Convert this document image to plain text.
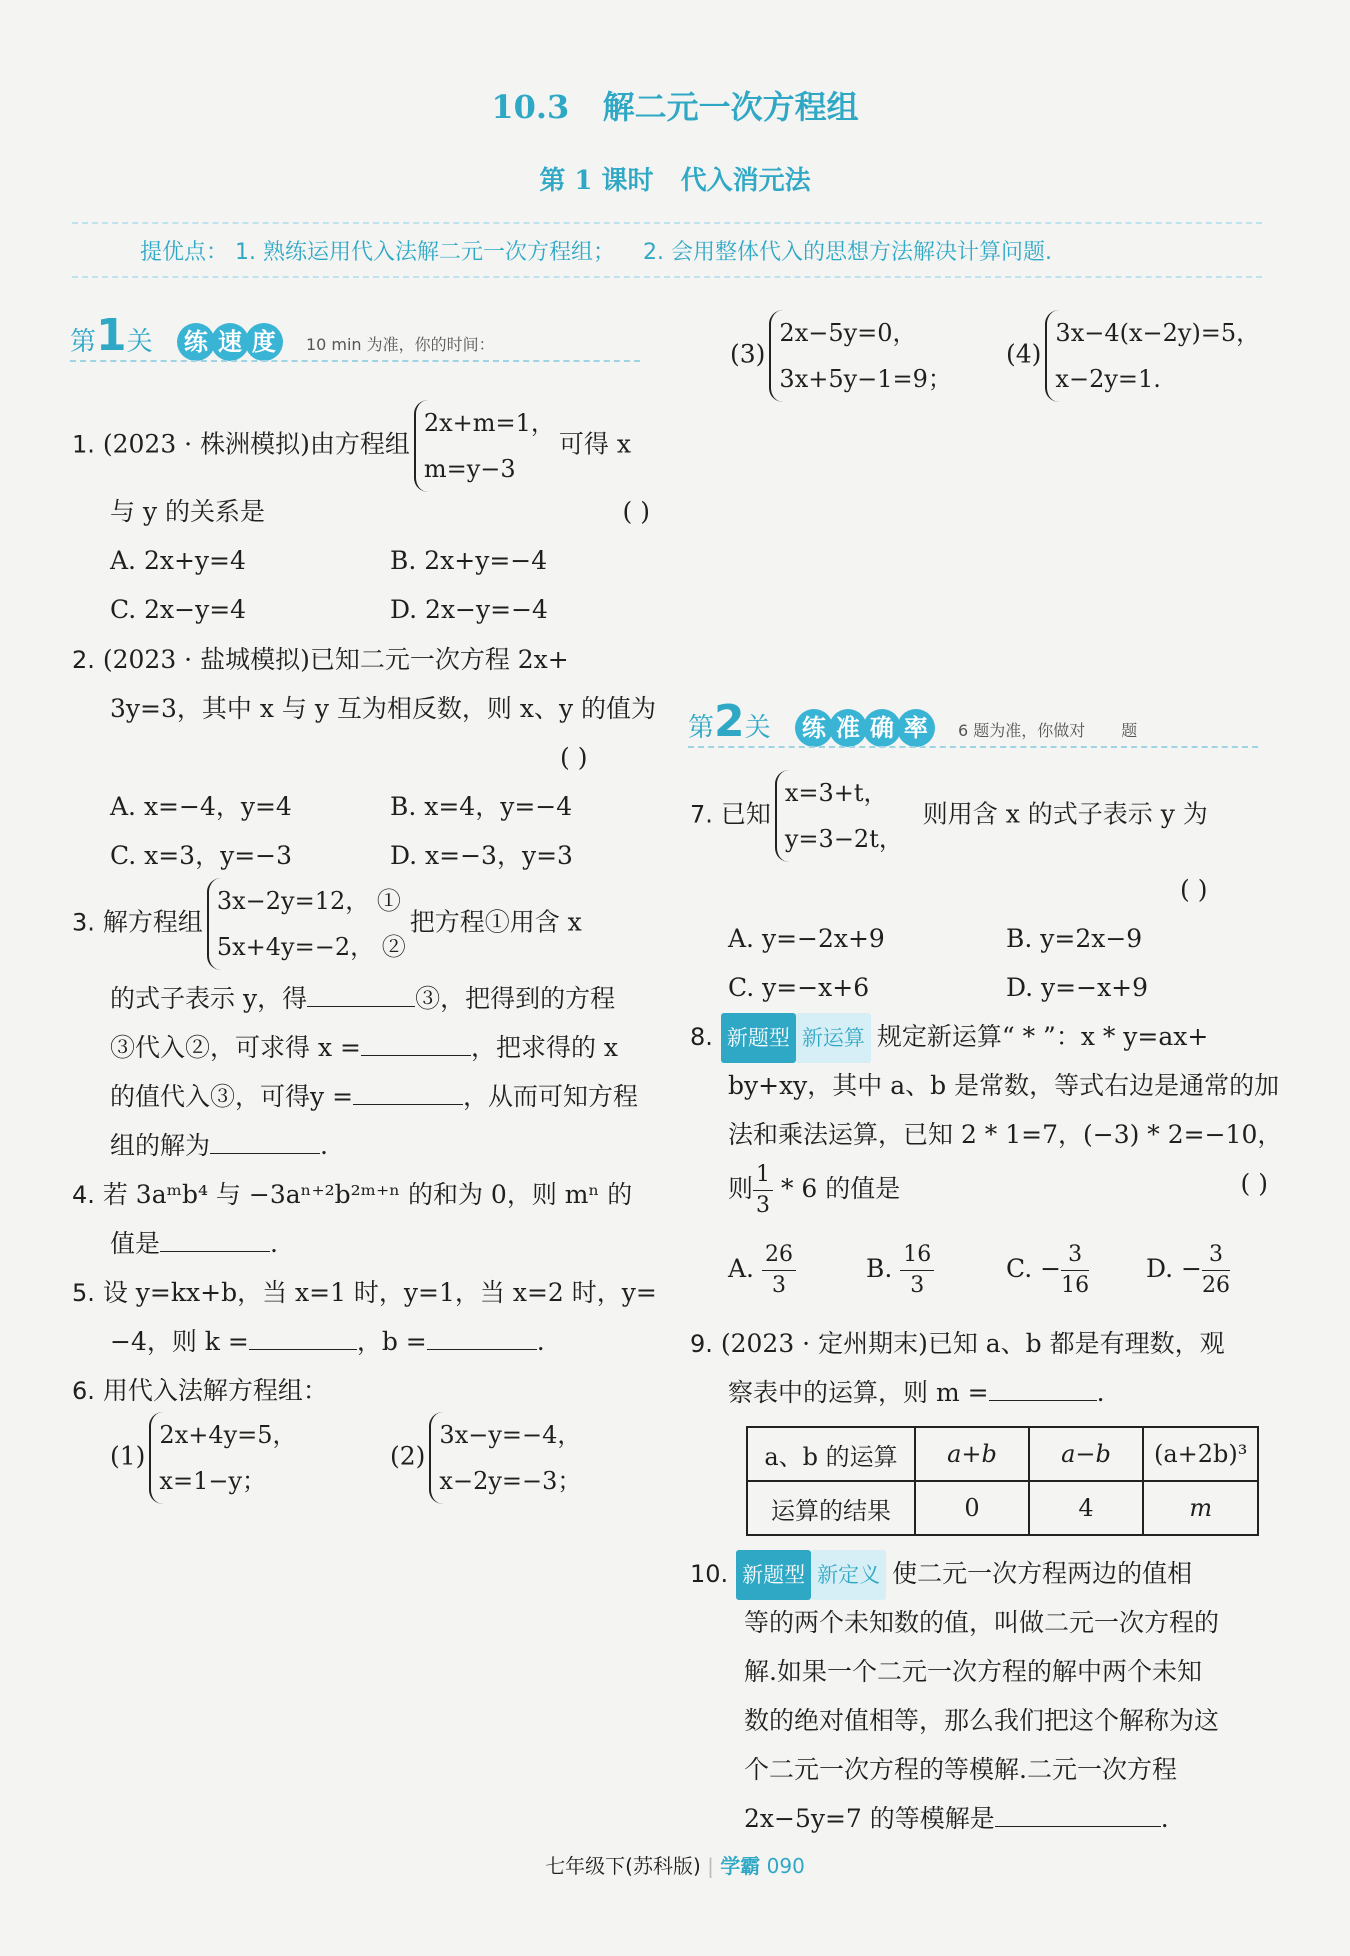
10.3 解二元一次方程组
第 1 课时 代入消元法
提优点： 1. 熟练运用代入法解二元一次方程组； 2. 会用整体代入的思想方法解决计算问题.
第1关 练 速 度 10 min 为准，你的时间：
1. (2023 · 株洲模拟)由方程组
2x+m=1，
m=y−3
可得 x
与 y 的关系是	( )
A. 2x+y=4	B. 2x+y=−4
C. 2x−y=4	D. 2x−y=−4
2. (2023 · 盐城模拟)已知二元一次方程 2x+
3y=3，其中 x 与 y 互为相反数，则 x、y 的值为
( )
A. x=−4，y=4	B. x=4，y=−4
C. x=3，y=−3	D. x=−3，y=3
3. 解方程组
3x−2y=12， ①
5x+4y=−2， ②
把方程①用含 x
的式子表示 y，得	③，把得到的方程
③代入②，可求得 x =	，把求得的 x
的值代入③，可得y =	，从而可知方程
组的解为	.
4. 若 3aᵐb⁴ 与 −3aⁿ⁺²b²ᵐ⁺ⁿ 的和为 0，则 mⁿ 的
值是	.
5. 设 y=kx+b，当 x=1 时，y=1，当 x=2 时，y=
−4，则 k =	，b =	.
6. 用代入法解方程组：
(1)
2x+4y=5，
x=1−y；
(2)
3x−y=−4，
x−2y=−3；
(3)
2x−5y=0，
3x+5y−1=9；
(4)
3x−4(x−2y)=5，
x−2y=1.
第2关 练 准 确 率 6 题为准，你做对 题
7. 已知
x=3+t，
y=3−2t，
则用含 x 的式子表示 y 为
( )
A. y=−2x+9	B. y=2x−9
C. y=−x+6	D. y=−x+9
8. 新题型 新运算 规定新运算“ * ”：x * y=ax+
by+xy，其中 a、b 是常数，等式右边是通常的加
法和乘法运算，已知 2 * 1=7，(−3) * 2=−10，
则 $\frac{1}{3} * 6$ 的值是	( )
A. $\frac{26}{3}$	B. $\frac{16}{3}$	C. − $\frac{3}{16} D$. − $\frac{3}{26}$
9. (2023 · 定州期末)已知 a、b 都是有理数，观
察表中的运算，则 m =	.
a、b 的运算	a+b	a−b	(a+2b)³
运算的结果	0	4	m
10. 新题型 新定义 使二元一次方程两边的值相
等的两个未知数的值，叫做二元一次方程的
解.如果一个二元一次方程的解中两个未知
数的绝对值相等，那么我们把这个解称为这
个二元一次方程的等模解.二元一次方程
2x−5y=7 的等模解是	.
七年级下(苏科版) | 学霸 090
